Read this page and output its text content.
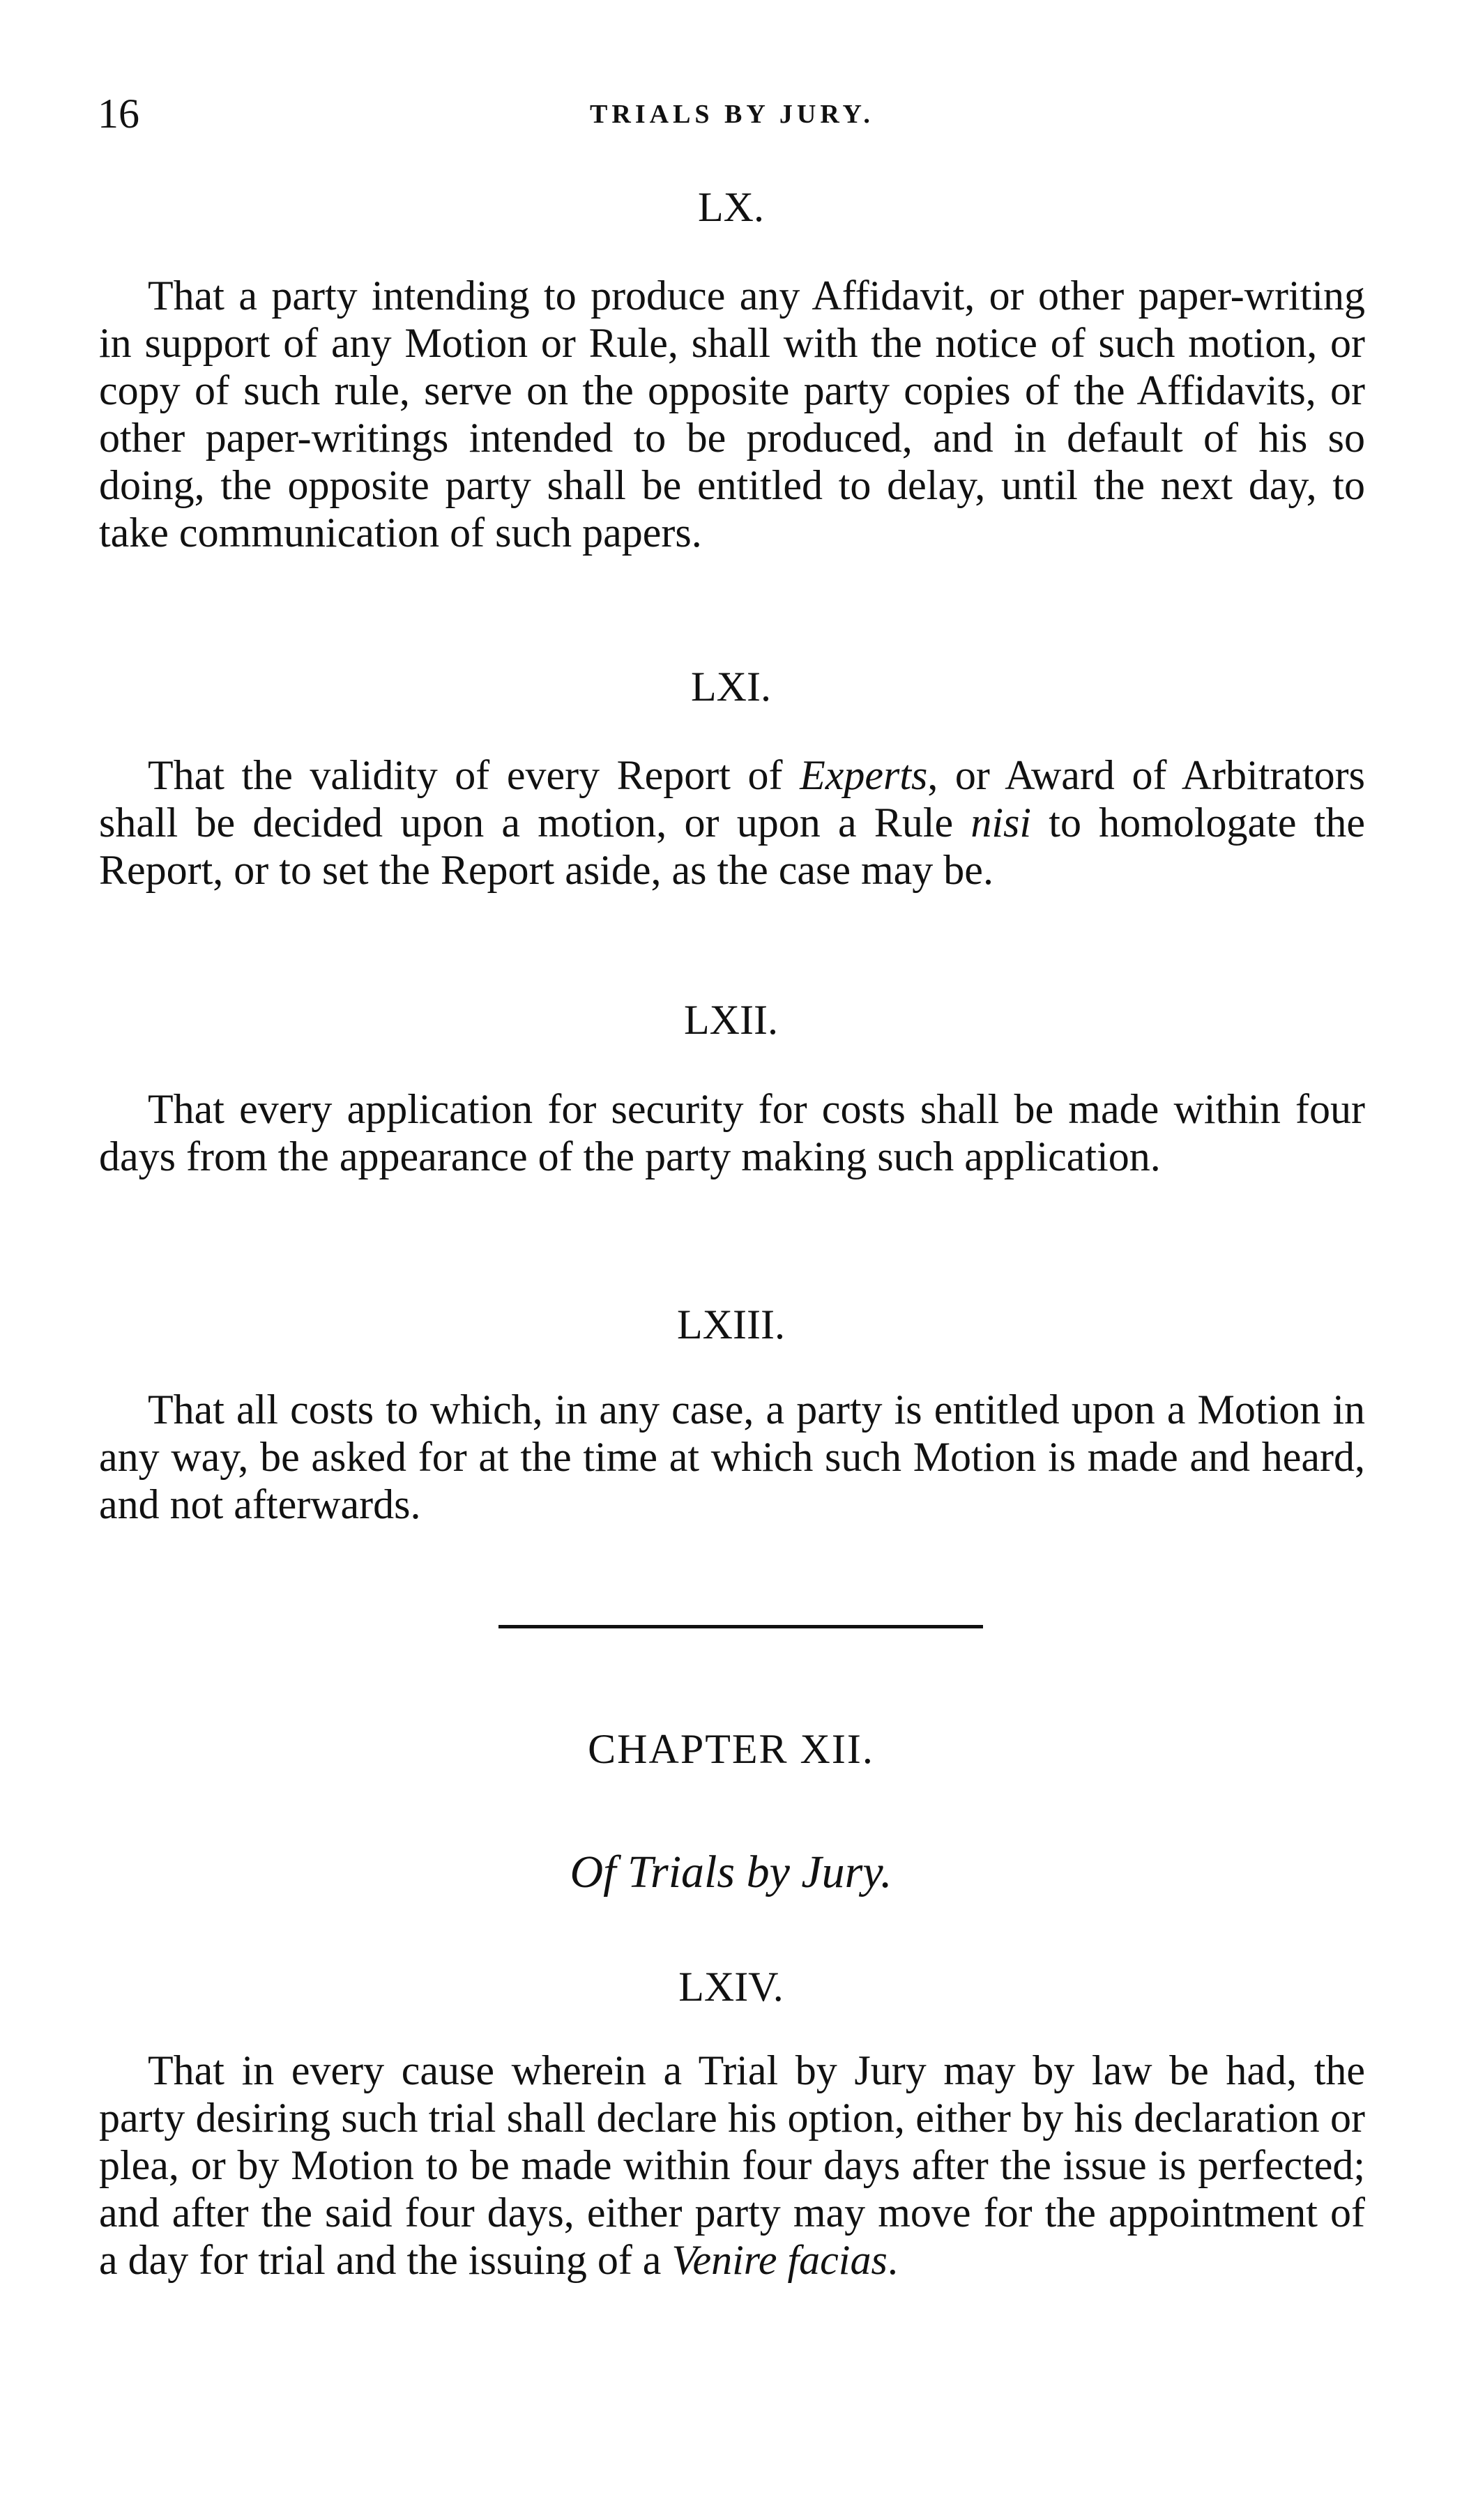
16	TRIALS BY JURY.
LX.
That a party intending to produce any Affidavit, or other paper-writing in support of any Motion or Rule, shall with the notice of such motion, or copy of such rule, serve on the opposite party copies of the Affidavits, or other paper-writings intended to be produced, and in default of his so doing, the opposite party shall be entitled to delay, until the next day, to take communication of such papers.
LXI.
That the validity of every Report of Experts, or Award of Arbitrators shall be decided upon a motion, or upon a Rule nisi to homologate the Report, or to set the Report aside, as the case may be.
LXII.
That every application for security for costs shall be made within four days from the appearance of the party making such application.
LXIII.
That all costs to which, in any case, a party is entitled upon a Motion in any way, be asked for at the time at which such Motion is made and heard, and not afterwards.
CHAPTER XII.
Of Trials by Jury.
LXIV.
That in every cause wherein a Trial by Jury may by law be had, the party desiring such trial shall declare his option, either by his declaration or plea, or by Motion to be made within four days after the issue is perfected; and after the said four days, either party may move for the appointment of a day for trial and the issuing of a Venire facias.
